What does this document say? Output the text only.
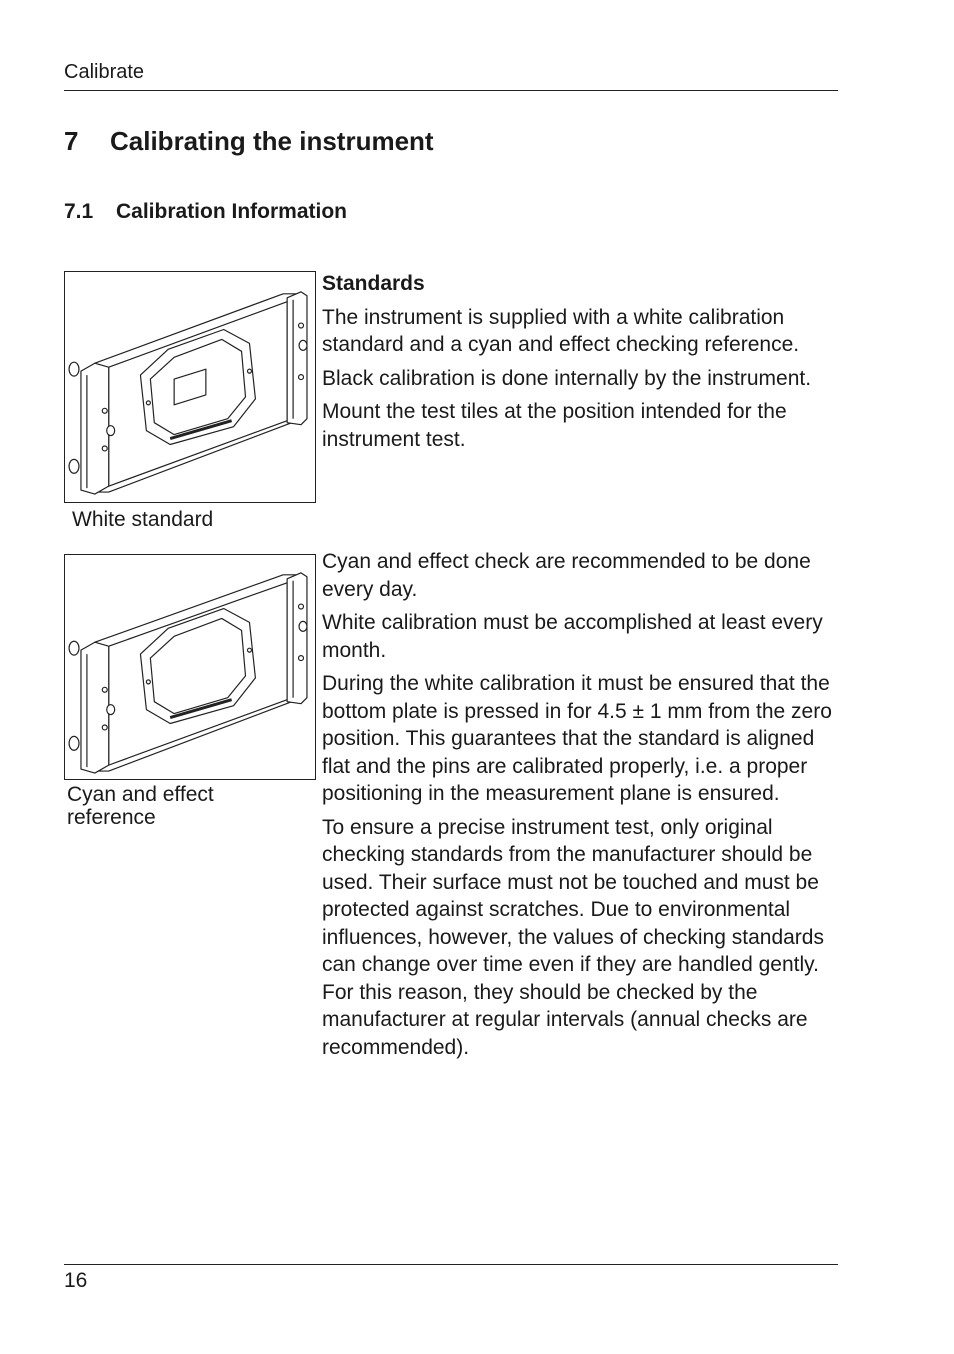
Calibrate
7 Calibrating the instrument
7.1 Calibration Information
White standard
Cyan and effect
reference

Standards

The instrument is supplied with a white calibration standard and a cyan and effect checking reference.

Black calibration is done internally by the instrument.

Mount the test tiles at the position intended for the instrument test.

Cyan and effect check are recommended to be done every day.

White calibration must be accomplished at least every month.

During the white calibration it must be ensured that the bottom plate is pressed in for 4.5 ± 1 mm from the zero position. This guarantees that the standard is aligned flat and the pins are calibrated properly, i.e. a proper positioning in the measurement plane is ensured.

To ensure a precise instrument test, only original checking standards from the manufacturer should be used. Their surface must not be touched and must be protected against scratches. Due to environmental influences, however, the values of checking standards can change over time even if they are handled gently. For this reason, they should be checked by the manufacturer at regular intervals (annual checks are recommended).

16
